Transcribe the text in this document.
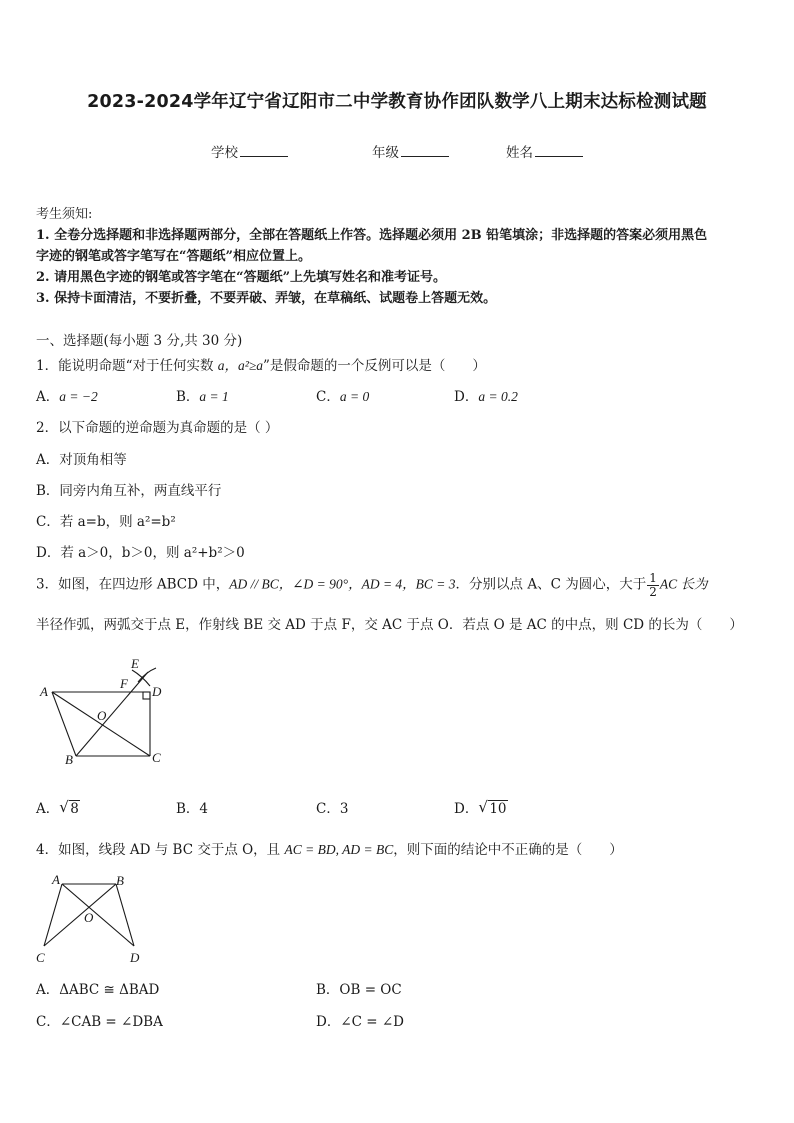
2023-2024学年辽宁省辽阳市二中学教育协作团队数学八上期末达标检测试题
学校	年级	姓名
考生须知:
1. 全卷分选择题和非选择题两部分，全部在答题纸上作答。选择题必须用 2B 铅笔填涂；非选择题的答案必须用黑色
字迹的钢笔或答字笔写在“答题纸”相应位置上。
2. 请用黑色字迹的钢笔或答字笔在“答题纸”上先填写姓名和准考证号。
3. 保持卡面清洁，不要折叠，不要弄破、弄皱，在草稿纸、试题卷上答题无效。
一、选择题(每小题 3 分,共 30 分)
1．能说明命题“对于任何实数 a，a²≥a”是假命题的一个反例可以是（　　）
A．a = −2	B．a = 1	C．a = 0	D．a = 0.2
2．以下命题的逆命题为真命题的是（ ）
A．对顶角相等
B．同旁内角互补，两直线平行
C．若 a=b，则 a²=b²
D．若 a＞0，b＞0，则 a²+b²＞0
3．如图，在四边形 ABCD 中，AD // BC，∠D = 90°，AD = 4，BC = 3．分别以点 A、C 为圆心，大于 $\frac{1}{2}$ AC 长为
半径作弧，两弧交于点 E，作射线 BE 交 AD 于点 F，交 AC 于点 O．若点 O 是 AC 的中点，则 CD 的长为（　　）
E
F
A	D
O
B	C
A． √ 8	B．4	C．3	D． √ 10
4．如图，线段 AD 与 BC 交于点 O，且 AC = BD, AD = BC，则下面的结论中不正确的是（　　）
A	B
O
C	D
A．ΔABC ≅ ΔBAD	B．OB = OC
C．∠CAB = ∠DBA	D．∠C = ∠D
